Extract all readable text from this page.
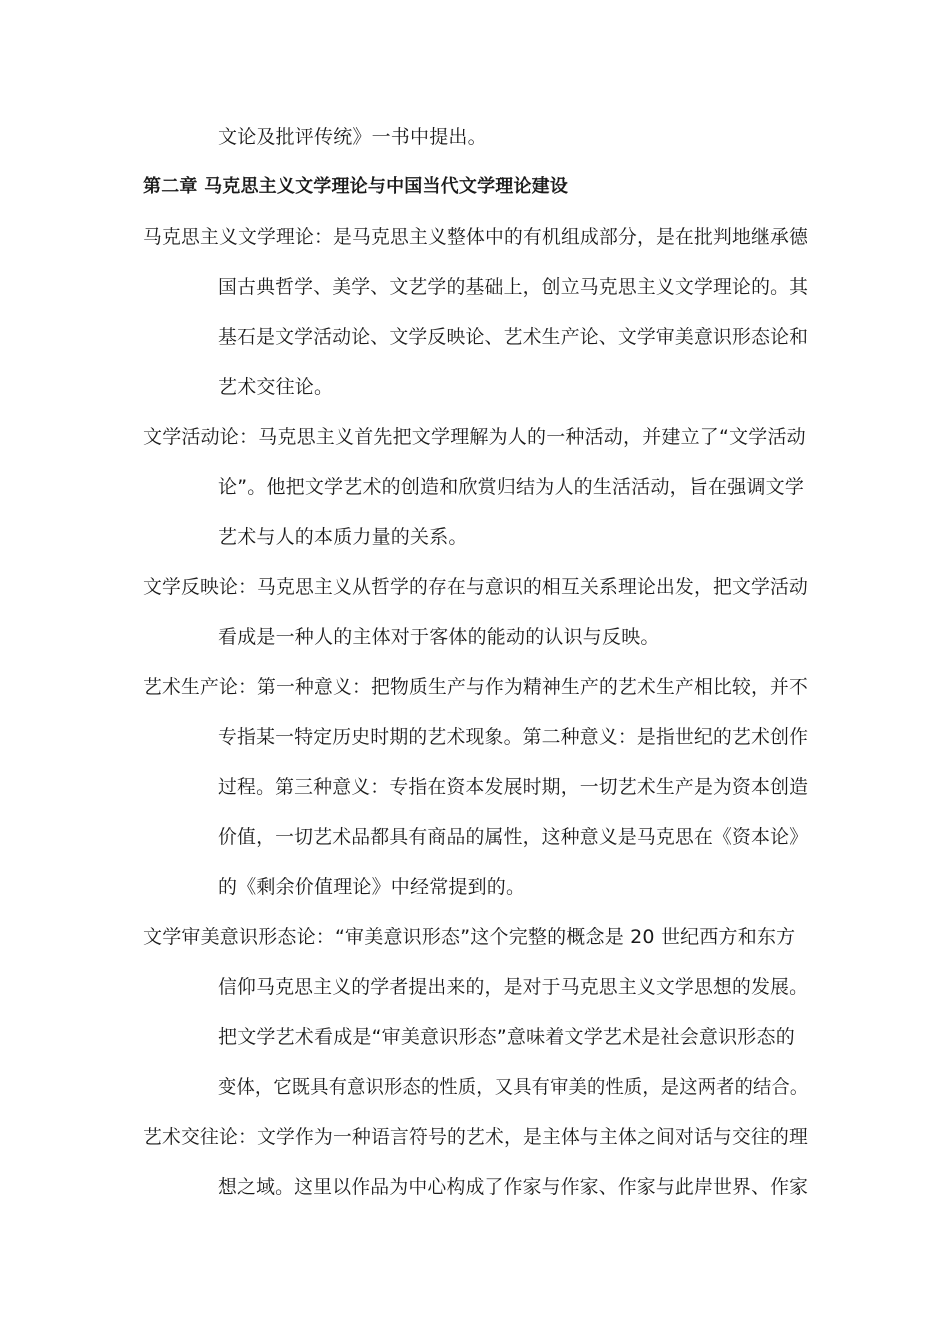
文论及批评传统》一书中提出。
第二章 马克思主义文学理论与中国当代文学理论建设
马克思主义文学理论：是马克思主义整体中的有机组成部分，是在批判地继承德
国古典哲学、美学、文艺学的基础上，创立马克思主义文学理论的。其
基石是文学活动论、文学反映论、艺术生产论、文学审美意识形态论和
艺术交往论。
文学活动论：马克思主义首先把文学理解为人的一种活动，并建立了“文学活动
论”。他把文学艺术的创造和欣赏归结为人的生活活动，旨在强调文学
艺术与人的本质力量的关系。
文学反映论：马克思主义从哲学的存在与意识的相互关系理论出发，把文学活动
看成是一种人的主体对于客体的能动的认识与反映。
艺术生产论：第一种意义：把物质生产与作为精神生产的艺术生产相比较，并不
专指某一特定历史时期的艺术现象。第二种意义：是指世纪的艺术创作
过程。第三种意义：专指在资本发展时期，一切艺术生产是为资本创造
价值，一切艺术品都具有商品的属性，这种意义是马克思在《资本论》
的《剩余价值理论》中经常提到的。
文学审美意识形态论：“审美意识形态”这个完整的概念是 20 世纪西方和东方
信仰马克思主义的学者提出来的，是对于马克思主义文学思想的发展。
把文学艺术看成是“审美意识形态”意味着文学艺术是社会意识形态的
变体，它既具有意识形态的性质，又具有审美的性质，是这两者的结合。
艺术交往论：文学作为一种语言符号的艺术，是主体与主体之间对话与交往的理
想之域。这里以作品为中心构成了作家与作家、作家与此岸世界、作家
